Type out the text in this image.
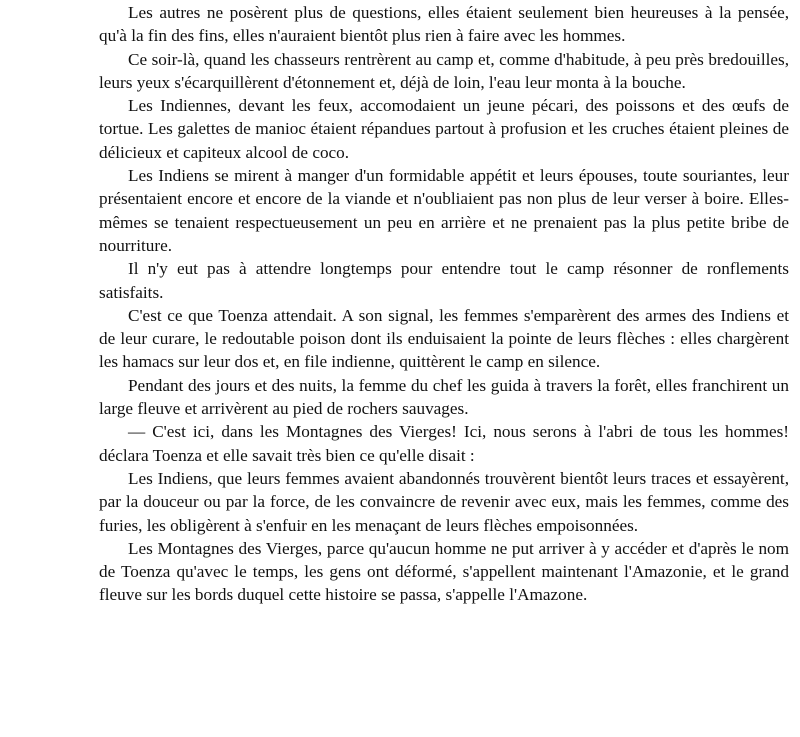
Les autres ne posèrent plus de questions, elles étaient seulement bien heureuses à la pensée, qu'à la fin des fins, elles n'auraient bientôt plus rien à faire avec les hommes.

Ce soir-là, quand les chasseurs rentrèrent au camp et, comme d'habitude, à peu près bredouilles, leurs yeux s'écarquillèrent d'étonnement et, déjà de loin, l'eau leur monta à la bouche.

Les Indiennes, devant les feux, accomodaient un jeune pécari, des poissons et des œufs de tortue. Les galettes de manioc étaient répandues partout à profusion et les cruches étaient pleines de délicieux et capiteux alcool de coco.

Les Indiens se mirent à manger d'un formidable appétit et leurs épouses, toute souriantes, leur présentaient encore et encore de la viande et n'oubliaient pas non plus de leur verser à boire. Elles-mêmes se tenaient respectueusement un peu en arrière et ne prenaient pas la plus petite bribe de nourriture.

Il n'y eut pas à attendre longtemps pour entendre tout le camp résonner de ronflements satisfaits.

C'est ce que Toenza attendait. A son signal, les femmes s'emparèrent des armes des Indiens et de leur curare, le redoutable poison dont ils enduisaient la pointe de leurs flèches : elles chargèrent les hamacs sur leur dos et, en file indienne, quittèrent le camp en silence.

Pendant des jours et des nuits, la femme du chef les guida à travers la forêt, elles franchirent un large fleuve et arrivèrent au pied de rochers sauvages.

— C'est ici, dans les Montagnes des Vierges! Ici, nous serons à l'abri de tous les hommes! déclara Toenza et elle savait très bien ce qu'elle disait :

Les Indiens, que leurs femmes avaient abandonnés trouvèrent bientôt leurs traces et essayèrent, par la douceur ou par la force, de les convaincre de revenir avec eux, mais les femmes, comme des furies, les obligèrent à s'enfuir en les menaçant de leurs flèches empoisonnées.

Les Montagnes des Vierges, parce qu'aucun homme ne put arriver à y accéder et d'après le nom de Toenza qu'avec le temps, les gens ont déformé, s'appellent maintenant l'Amazonie, et le grand fleuve sur les bords duquel cette histoire se passa, s'appelle l'Amazone.
